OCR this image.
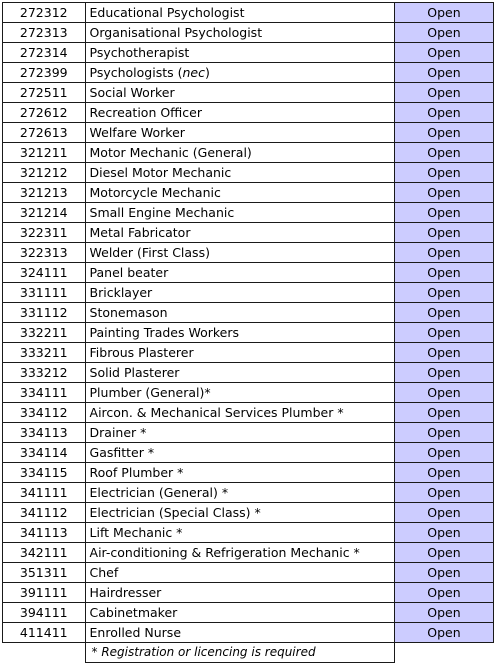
272312	Educational Psychologist	Open
272313	Organisational Psychologist	Open
272314	Psychotherapist	Open
272399	Psychologists (nec)	Open
272511	Social Worker	Open
272612	Recreation Officer	Open
272613	Welfare Worker	Open
321211	Motor Mechanic (General)	Open
321212	Diesel Motor Mechanic	Open
321213	Motorcycle Mechanic	Open
321214	Small Engine Mechanic	Open
322311	Metal Fabricator	Open
322313	Welder (First Class)	Open
324111	Panel beater	Open
331111	Bricklayer	Open
331112	Stonemason	Open
332211	Painting Trades Workers	Open
333211	Fibrous Plasterer	Open
333212	Solid Plasterer	Open
334111	Plumber (General)*	Open
334112	Aircon. & Mechanical Services Plumber *	Open
334113	Drainer *	Open
334114	Gasfitter *	Open
334115	Roof Plumber *	Open
341111	Electrician (General) *	Open
341112	Electrician (Special Class) *	Open
341113	Lift Mechanic *	Open
342111	Air-conditioning & Refrigeration Mechanic *	Open
351311	Chef	Open
391111	Hairdresser	Open
394111	Cabinetmaker	Open
411411	Enrolled Nurse	Open
	* Registration or licencing is required	
